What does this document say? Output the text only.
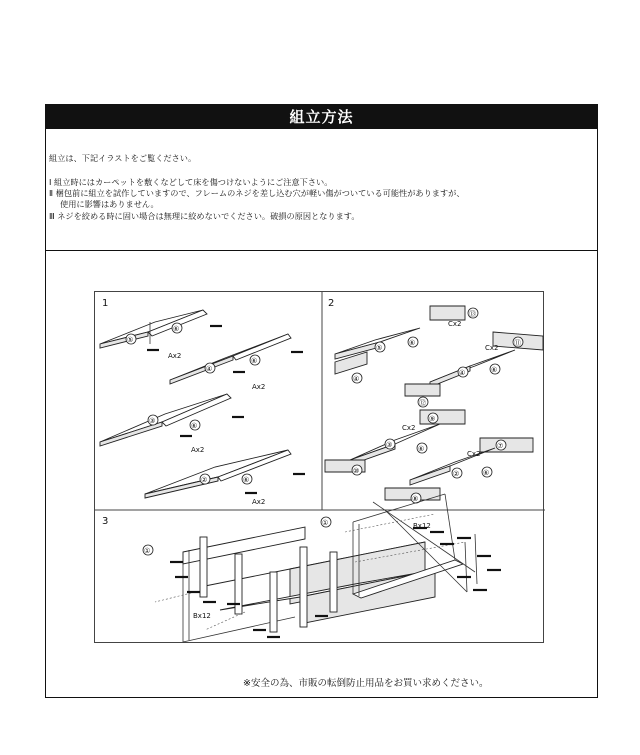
組立方法
組立は、下記イラストをご覧ください。
Ⅰ 組立時にはカーペットを敷くなどして床を傷つけないようにご注意下さい。
Ⅱ 梱包前に組立を試作していますので、フレームのネジを差し込む穴が軽い傷がついている可能性がありますが、
使用に影響はありません。
Ⅲ ネジを絞める時に固い場合は無理に絞めないでください。破損の原因となります。
1	2
3
⑤
⑥
Ax2
④
⑥
Ax2
③
⑥
Ax2
②	⑥
Ax2
⑬
Cx2
⑤
⑥
④
⑪
Cx2
④	⑥
⑫
⑨
Cx2
③	⑥
⑩
⑦
Cx2
②	⑥
⑧
①
①	Bx12
Bx12
※安全の為、市販の転倒防止用品をお買い求めください。
